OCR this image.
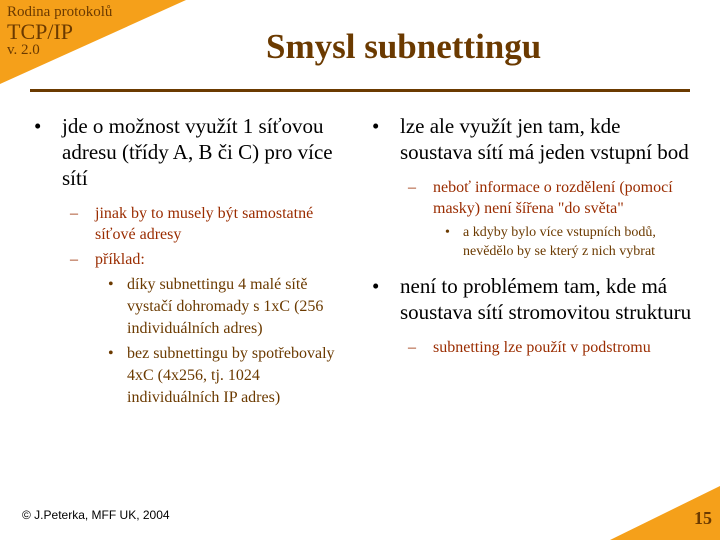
Rodina protokolů
TCP/IP
v. 2.0	Smysl subnettingu
• jde o možnost využít 1 síťovou adresu (třídy A, B či C) pro více sítí
– jinak by to musely být samostatné síťové adresy
– příklad:
• díky subnettingu 4 malé sítě vystačí dohromady s 1xC (256 individuálních adres)
• bez subnettingu by spotřebovaly 4xC (4x256, tj. 1024 individuálních IP adres)
• lze ale využít jen tam, kde soustava sítí má jeden vstupní bod
– neboť informace o rozdělení (pomocí masky) není šířena "do světa"
• a kdyby bylo více vstupních bodů, nevědělo by se který z nich vybrat
• není to problémem tam, kde má soustava sítí stromovitou strukturu
– subnetting lze použít v podstromu
© J.Peterka, MFF UK, 2004	15
